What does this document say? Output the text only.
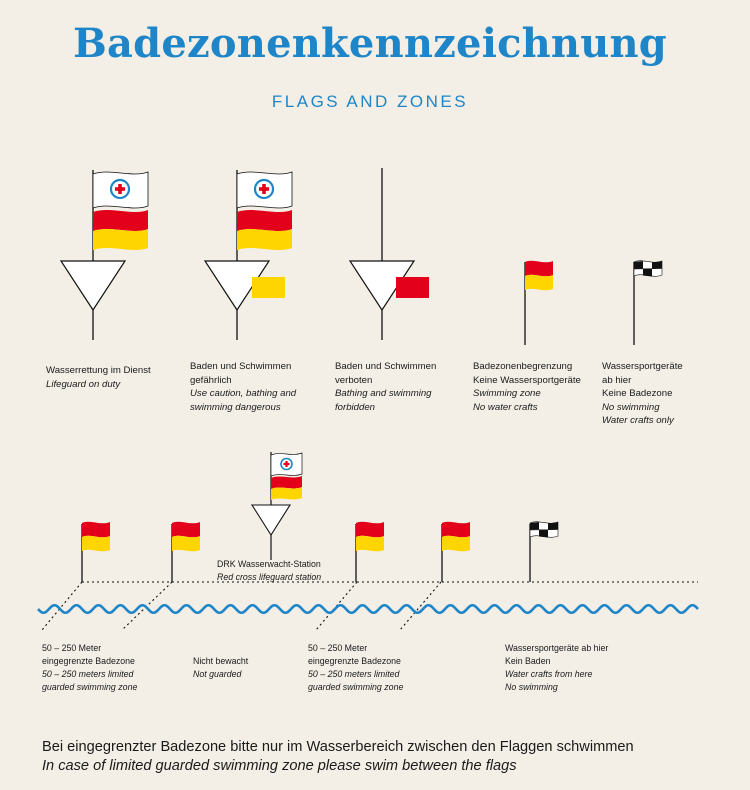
Badezonenkennzeichnung
FLAGS AND ZONES
Wasserrettung im Dienst
Lifeguard on duty
Baden und Schwimmen
gefährlich
Use caution, bathing and
swimming dangerous
Baden und Schwimmen
verboten
Bathing and swimming
forbidden
Badezonenbegrenzung
Keine Wassersportgeräte
Swimming zone
No water crafts
Wassersportgeräte
ab hier
Keine Badezone
No swimming
Water crafts only
DRK Wasserwacht-Station
Red cross lifeguard station
50 – 250 Meter
eingegrenzte Badezone
50 – 250 meters limited
guarded swimming zone
Nicht bewacht
Not guarded
50 – 250 Meter
eingegrenzte Badezone
50 – 250 meters limited
guarded swimming zone
Wassersportgeräte ab hier
Kein Baden
Water crafts from here
No swimming
Bei eingegrenzter Badezone bitte nur im Wasserbereich zwischen den Flaggen schwimmen
In case of limited guarded swimming zone please swim between the flags
